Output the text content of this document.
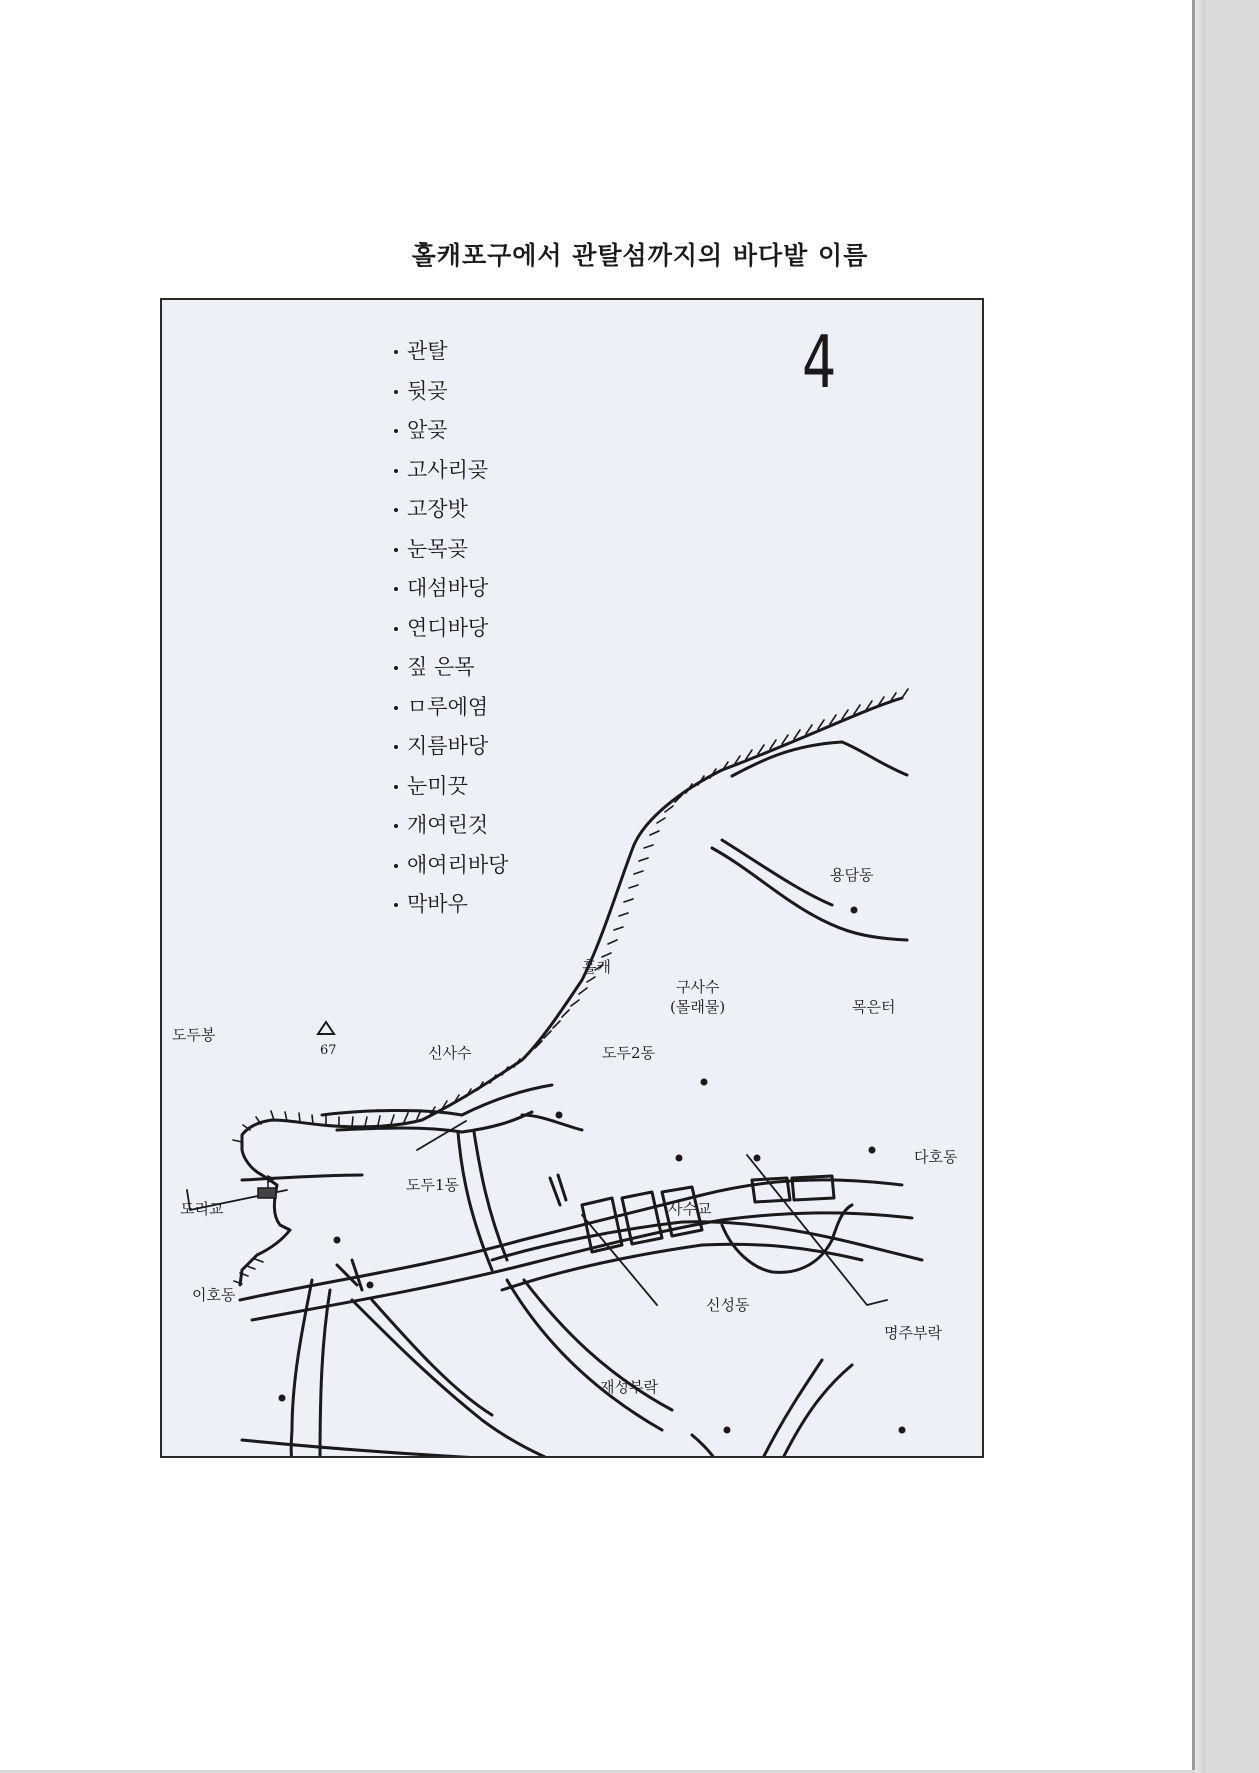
홀캐포구에서 관탈섬까지의 바다밭 이름
4
관탈
뒷곶
앞곶
고사리곶
고장밧
눈목곶
대섬바당
연디바당
짚 은목
ㅁ루에염
지름바당
눈미끗
개여린것
애여리바당
막바우
용담동
홀캐
구사수
(몰래물)	목은터
도두봉
67	신사수	도두2동
다호동
도두1동
도리교	사수교
이호동
신성동
명주부락
재성부락
